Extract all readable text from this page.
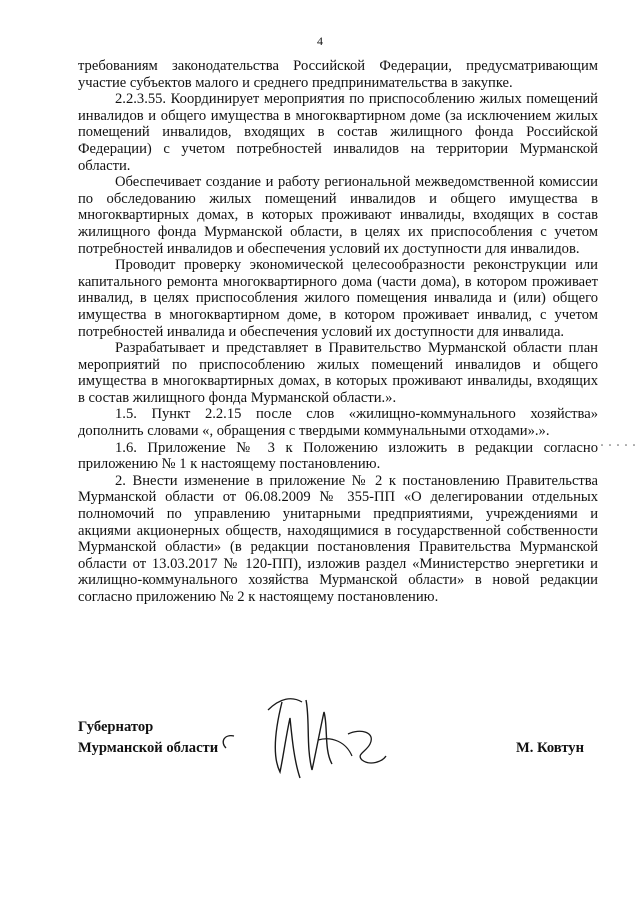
4

требованиям законодательства Российской Федерации, предусматривающим участие субъектов малого и среднего предпринимательства в закупке.

2.2.3.55. Координирует мероприятия по приспособлению жилых помещений инвалидов и общего имущества в многоквартирном доме (за исключением жилых помещений инвалидов, входящих в состав жилищного фонда Российской Федерации) с учетом потребностей инвалидов на территории Мурманской области.

Обеспечивает создание и работу региональной межведомственной комиссии по обследованию жилых помещений инвалидов и общего имущества в многоквартирных домах, в которых проживают инвалиды, входящих в состав жилищного фонда Мурманской области, в целях их приспособления с учетом потребностей инвалидов и обеспечения условий их доступности для инвалидов.

Проводит проверку экономической целесообразности реконструкции или капитального ремонта многоквартирного дома (части дома), в котором проживает инвалид, в целях приспособления жилого помещения инвалида и (или) общего имущества в многоквартирном доме, в котором проживает инвалид, с учетом потребностей инвалида и обеспечения условий их доступности для инвалида.

Разрабатывает и представляет в Правительство Мурманской области план мероприятий по приспособлению жилых помещений инвалидов и общего имущества в многоквартирных домах, в которых проживают инвалиды, входящих в состав жилищного фонда Мурманской области.».

1.5. Пункт 2.2.15 после слов «жилищно-коммунального хозяйства» дополнить словами «, обращения с твердыми коммунальными отходами».».

1.6. Приложение № 3 к Положению изложить в редакции согласно приложению № 1 к настоящему постановлению.

2. Внести изменение в приложение № 2 к постановлению Правительства Мурманской области от 06.08.2009 № 355-ПП «О делегировании отдельных полномочий по управлению унитарными предприятиями, учреждениями и акциями акционерных обществ, находящимися в государственной собственности Мурманской области» (в редакции постановления Правительства Мурманской области от 13.03.2017 № 120-ПП), изложив раздел «Министерство энергетики и жилищно-коммунального хозяйства Мурманской области» в новой редакции согласно приложению № 2 к настоящему постановлению.

Губернатор
Мурманской области	М. Ковтун
